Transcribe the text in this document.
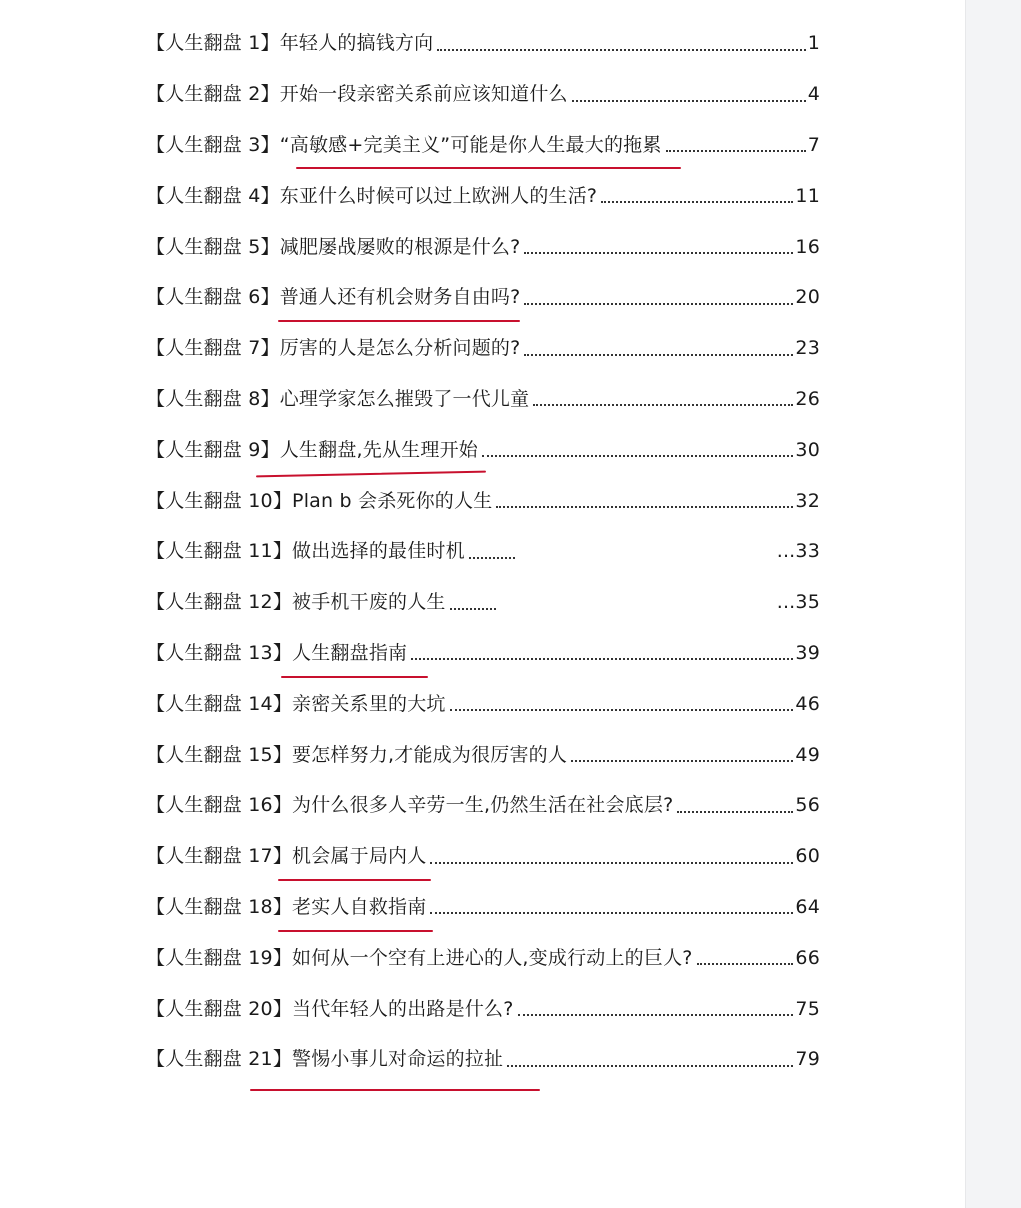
【人生翻盘 1】 年轻人的搞钱方向	1
【人生翻盘 2】 开始一段亲密关系前应该知道什么	4
【人生翻盘 3】 “高敏感+完美主义”可能是你人生最大的拖累	7
【人生翻盘 4】 东亚什么时候可以过上欧洲人的生活?	11
【人生翻盘 5】 减肥屡战屡败的根源是什么?	16
【人生翻盘 6】 普通人还有机会财务自由吗?	20
【人生翻盘 7】 厉害的人是怎么分析问题的?	23
【人生翻盘 8】 心理学家怎么摧毁了一代儿童	26
【人生翻盘 9】 人生翻盘,先从生理开始	30
【人生翻盘 10】 Plan b 会杀死你的人生	32
【人生翻盘 11】 做出选择的最佳时机	...33
【人生翻盘 12】 被手机干废的人生	...35
【人生翻盘 13】 人生翻盘指南	39
【人生翻盘 14】 亲密关系里的大坑	46
【人生翻盘 15】 要怎样努力,才能成为很厉害的人	49
【人生翻盘 16】 为什么很多人辛劳一生,仍然生活在社会底层?	56
【人生翻盘 17】 机会属于局内人	60
【人生翻盘 18】 老实人自救指南	64
【人生翻盘 19】 如何从一个空有上进心的人,变成行动上的巨人?	66
【人生翻盘 20】 当代年轻人的出路是什么?	75
【人生翻盘 21】 警惕小事儿对命运的拉扯	79
